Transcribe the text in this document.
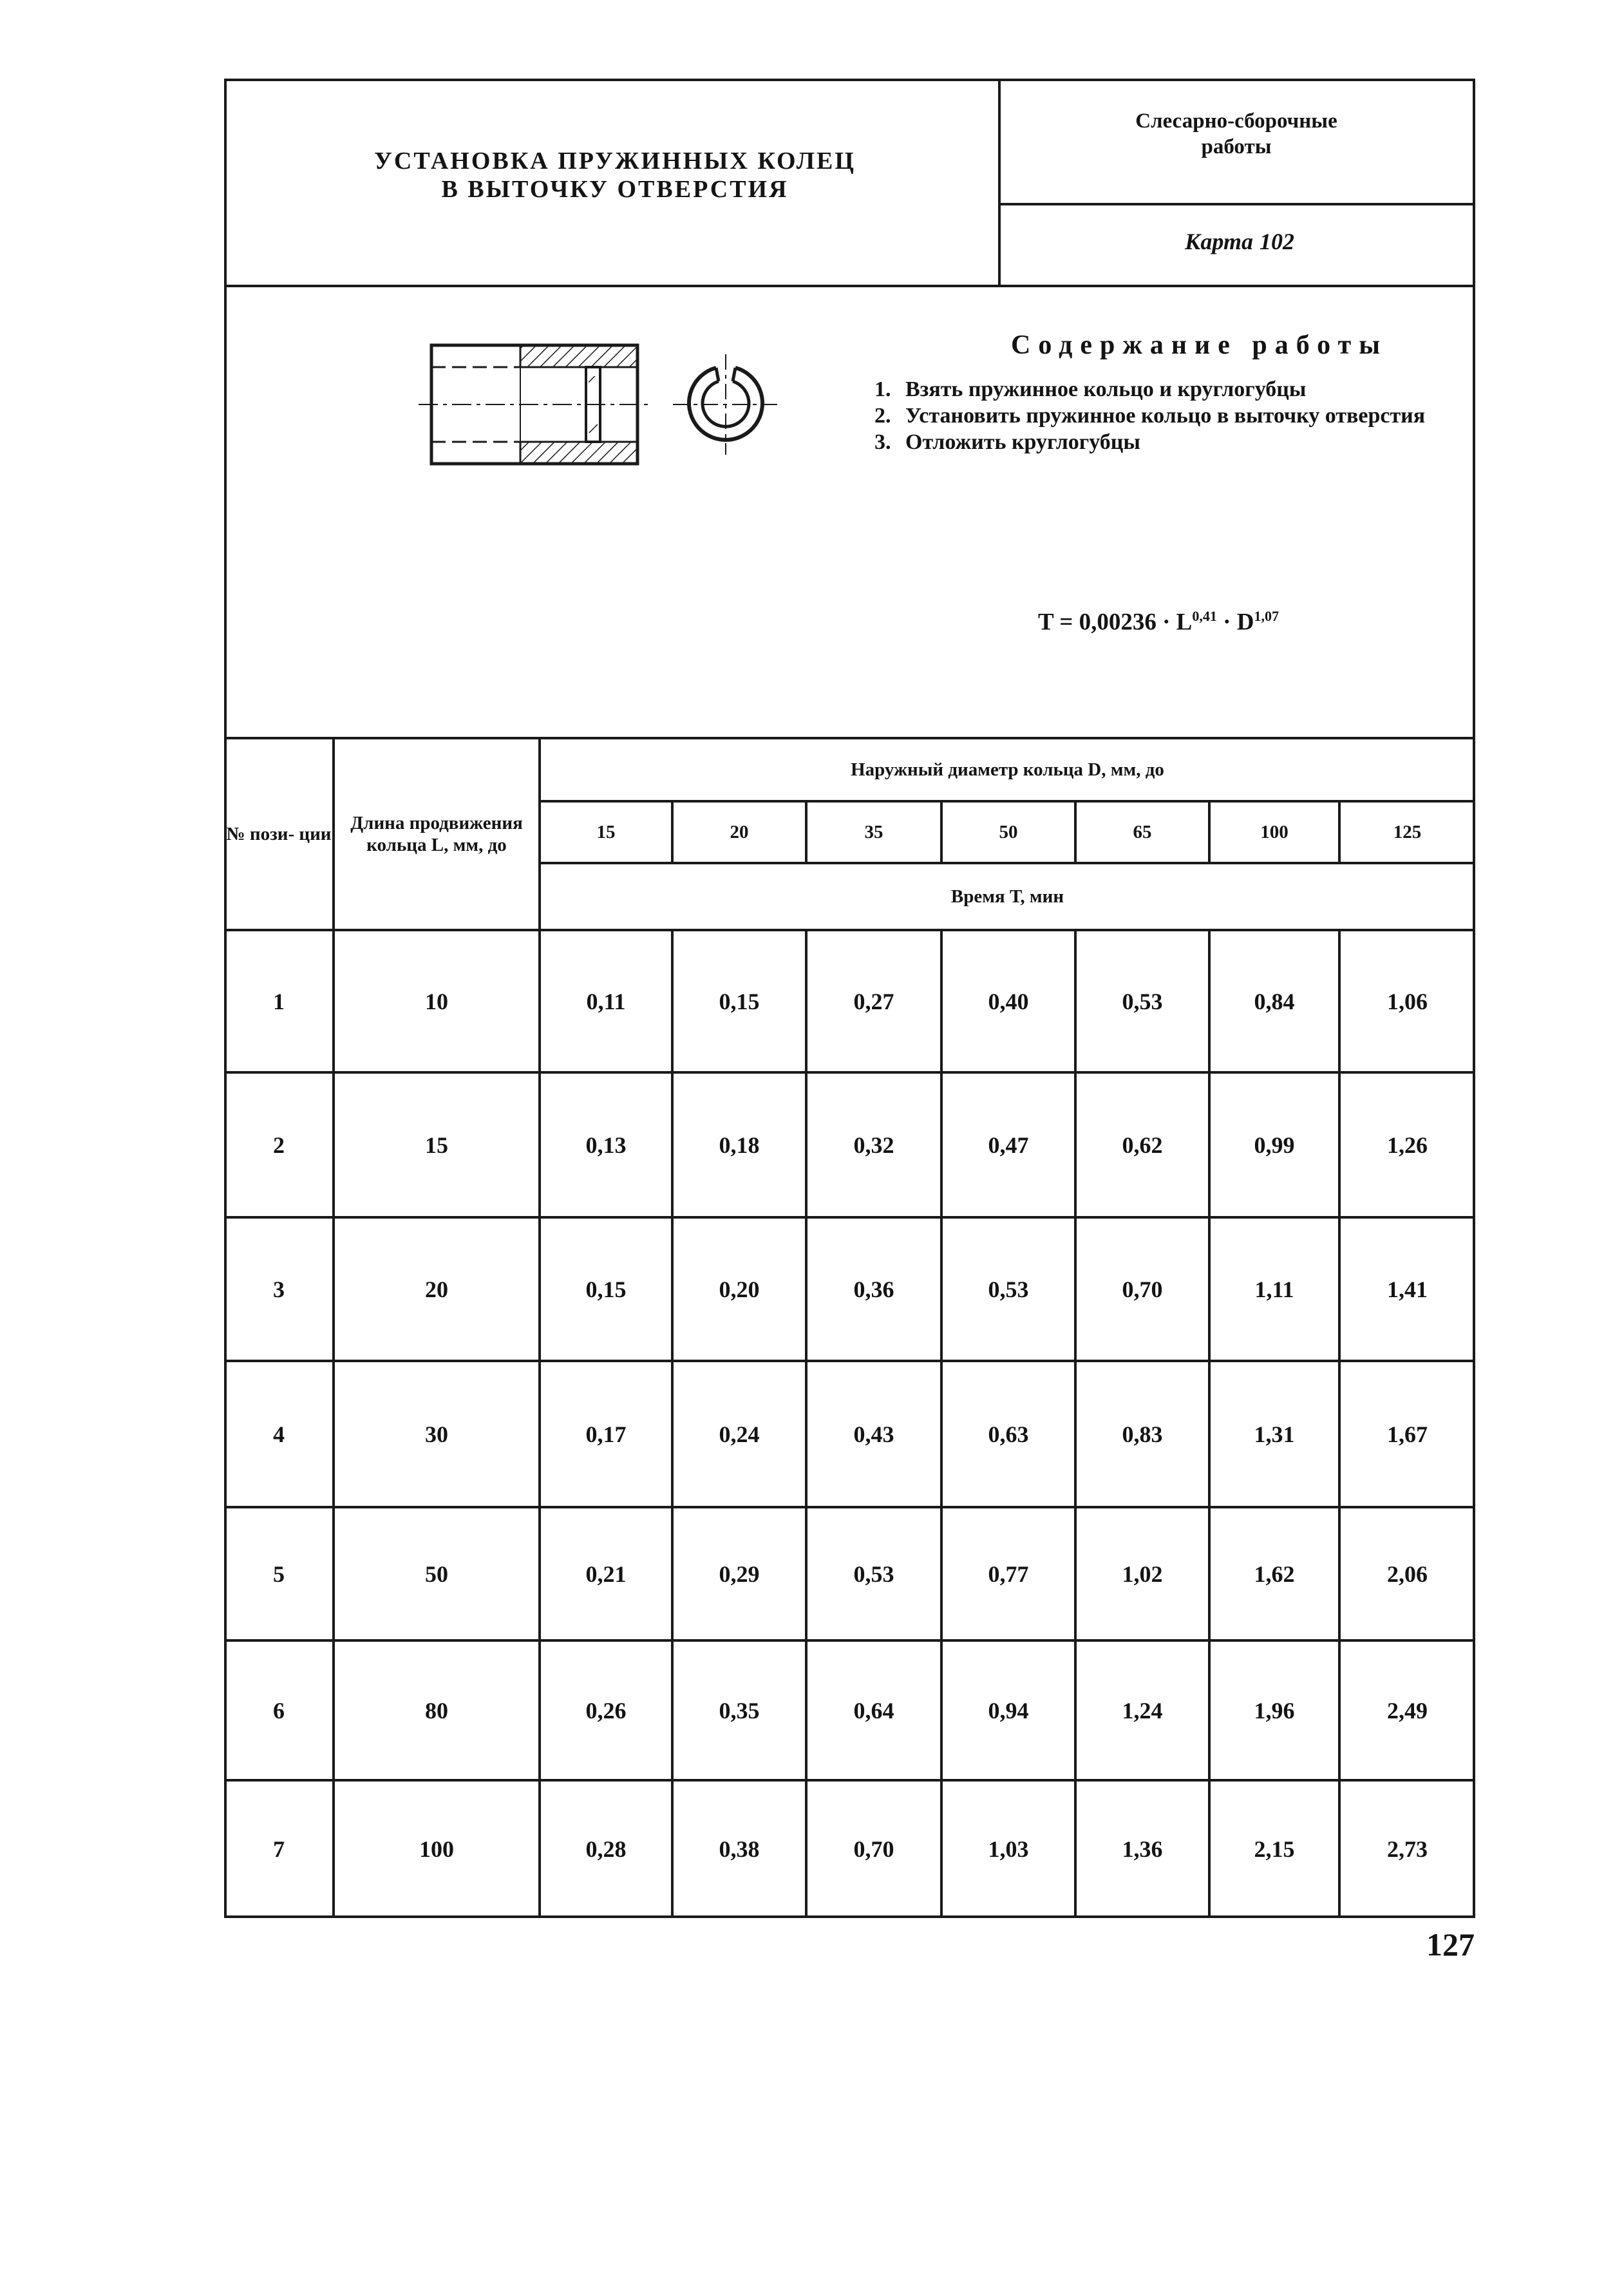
УСТАНОВКА ПРУЖИННЫХ КОЛЕЦ
В ВЫТОЧКУ ОТВЕРСТИЯ
Слесарно-сборочные
работы
Карта 102
Содержание работы
1. Взять пружинное кольцо и круглогубцы
2. Установить пружинное кольцо в выточку отверстия
3. Отложить круглогубцы
T = 0,00236 · L$^{0,41}$ · D$^{1,07}$
№ пози- ции
Длина продвижения кольца L, мм, до
Наружный диаметр кольца D, мм, до
15	20	35	50	65	100	125
Время Т, мин
1	10	0,11	0,15	0,27	0,40	0,53	0,84	1,06
2	15	0,13	0,18	0,32	0,47	0,62	0,99	1,26
3	20	0,15	0,20	0,36	0,53	0,70	1,11	1,41
4	30	0,17	0,24	0,43	0,63	0,83	1,31	1,67
5	50	0,21	0,29	0,53	0,77	1,02	1,62	2,06
6	80	0,26	0,35	0,64	0,94	1,24	1,96	2,49
7	100	0,28	0,38	0,70	1,03	1,36	2,15	2,73
127
